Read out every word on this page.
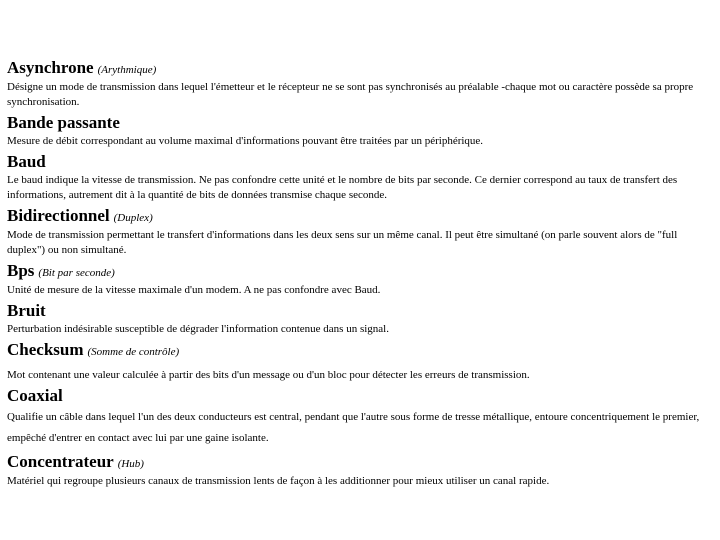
Asynchrone (Arythmique)

Désigne un mode de transmission dans lequel l'émetteur et le récepteur ne se sont pas synchronisés au préalable -chaque mot ou caractère possède sa propre synchronisation.

Bande passante

Mesure de débit correspondant au volume maximal d'informations pouvant être traitées par un périphérique.

Baud

Le baud indique la vitesse de transmission. Ne pas confondre cette unité et le nombre de bits par seconde. Ce dernier correspond au taux de transfert des informations, autrement dit à la quantité de bits de données transmise chaque seconde.

Bidirectionnel (Duplex)

Mode de transmission permettant le transfert d'informations dans les deux sens sur un même canal. Il peut être simultané (on parle souvent alors de "full duplex") ou non simultané.

Bps (Bit par seconde)

Unité de mesure de la vitesse maximale d'un modem. A ne pas confondre avec Baud.

Bruit

Perturbation indésirable susceptible de dégrader l'information contenue dans un signal.

Checksum (Somme de contrôle)

Mot contenant une valeur calculée à partir des bits d'un message ou d'un bloc pour détecter les erreurs de transmission.

Coaxial

Qualifie un câble dans lequel l'un des deux conducteurs est central, pendant que l'autre sous forme de tresse métallique, entoure concentriquement le premier, empêché d'entrer en contact avec lui par une gaine isolante.

Concentrateur (Hub)

Matériel qui regroupe plusieurs canaux de transmission lents de façon à les additionner pour mieux utiliser un canal rapide.
